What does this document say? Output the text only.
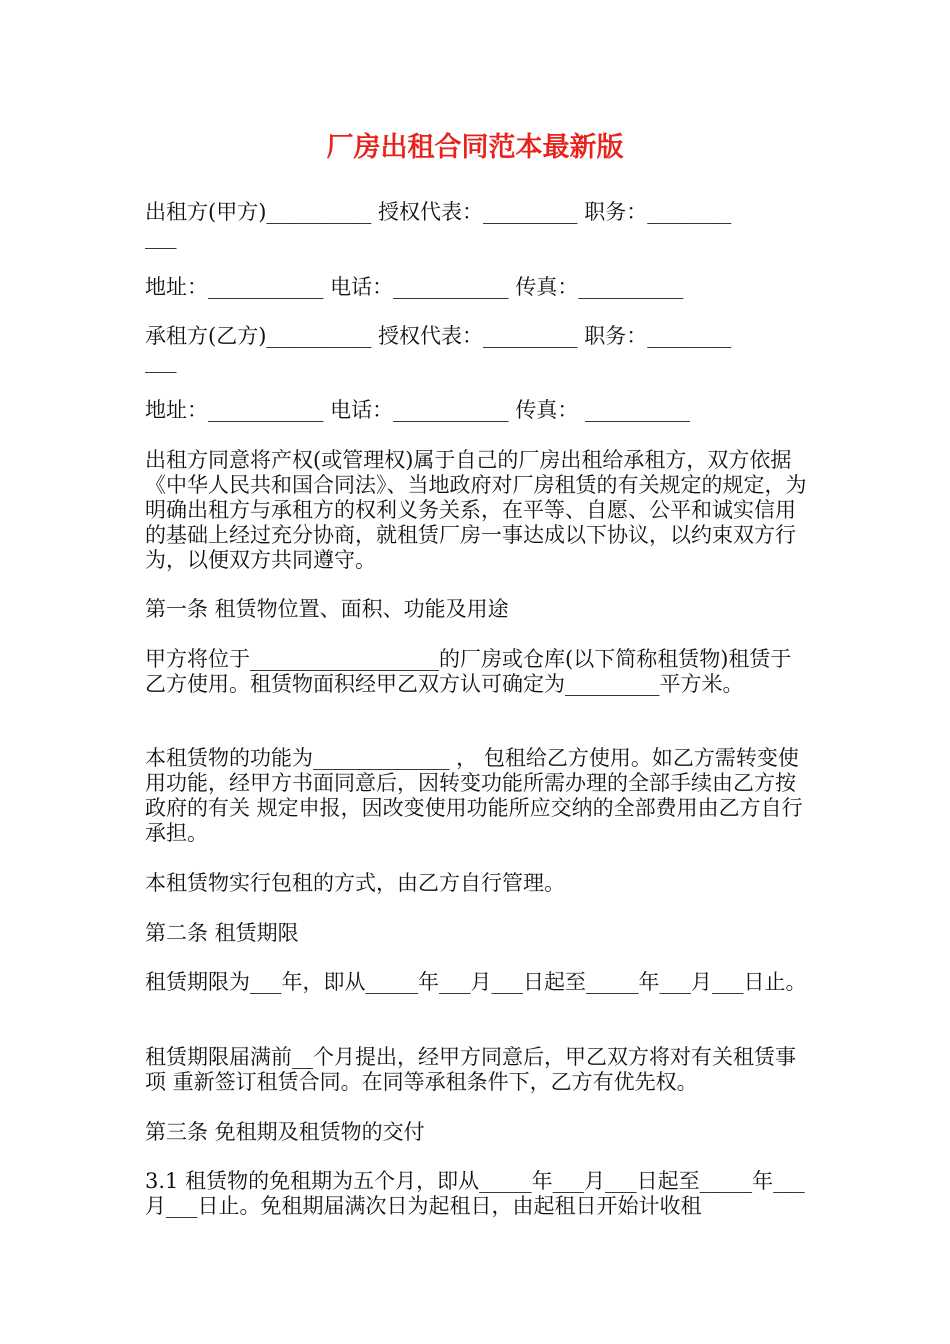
厂房出租合同范本最新版

出租方(甲方)__________ 授权代表：_________ 职务：________
___

地址：___________ 电话：___________ 传真：__________

承租方(乙方)__________ 授权代表：_________ 职务：________
___

地址：___________ 电话：___________ 传真： __________

出租方同意将产权(或管理权)属于自己的厂房出租给承租方，双方依据《中华人民共和国合同法》、当地政府对厂房租赁的有关规定的规定，为明确出租方与承租方的权利义务关系，在平等、自愿、公平和诚实信用的基础上经过充分协商，就租赁厂房一事达成以下协议，以约束双方行为，以便双方共同遵守。

第一条 租赁物位置、面积、功能及用途

甲方将位于__________________的厂房或仓库(以下简称租赁物)租赁于 乙方使用。租赁物面积经甲乙双方认可确定为_________平方米。

本租赁物的功能为_____________ ， 包租给乙方使用。如乙方需转变使用功能，经甲方书面同意后，因转变功能所需办理的全部手续由乙方按政府的有关 规定申报，因改变使用功能所应交纳的全部费用由乙方自行承担。

本租赁物实行包租的方式，由乙方自行管理。

第二条 租赁期限

租赁期限为___年，即从_____年___月___日起至_____年___月___日止。

租赁期限届满前__个月提出，经甲方同意后，甲乙双方将对有关租赁事项 重新签订租赁合同。在同等承租条件下，乙方有优先权。

第三条 免租期及租赁物的交付

3.1 租赁物的免租期为五个月，即从_____年___月___日起至_____年___ 月___日止。免租期届满次日为起租日，由起租日开始计收租
